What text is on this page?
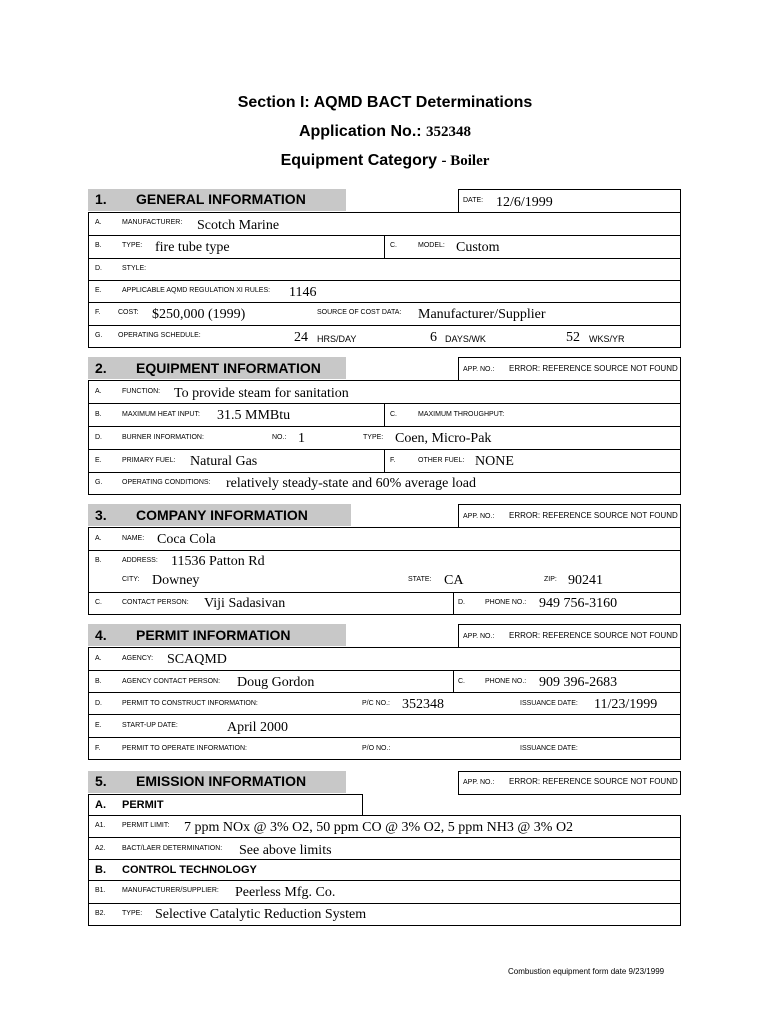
Section I: AQMD BACT Determinations
Application No.: 352348
Equipment Category - Boiler
1. GENERAL INFORMATION	DATE: 12/6/1999
A.	MANUFACTURER: Scotch Marine
B.	TYPE: fire tube type	C.	MODEL: Custom
D.	STYLE:
E.	APPLICABLE AQMD REGULATION XI RULES: 1146
F.	COST: $250,000 (1999)	SOURCE OF COST DATA: Manufacturer/Supplier
G. OPERATING SCHEDULE:	24 HRS/DAY	6 DAYS/WK	52 WKS/YR
2. EQUIPMENT INFORMATION	APP. NO.: ERROR: REFERENCE SOURCE NOT FOUND
A.	FUNCTION: To provide steam for sanitation
B.	MAXIMUM HEAT INPUT: 31.5 MMBtu	C.	MAXIMUM THROUGHPUT:
D.	BURNER INFORMATION:	NO.: 1	TYPE: Coen, Micro-Pak
E.	PRIMARY FUEL: Natural Gas	F.	OTHER FUEL: NONE
G.	OPERATING CONDITIONS: relatively steady-state and 60% average load
3. COMPANY INFORMATION	APP. NO.: ERROR: REFERENCE SOURCE NOT FOUND
A.	NAME: Coca Cola
B.	ADDRESS: 11536 Patton Rd
CITY: Downey	STATE: CA	ZIP: 90241
C.	CONTACT PERSON: Viji Sadasivan	D.	PHONE NO.: 949 756-3160
4. PERMIT INFORMATION	APP. NO.: ERROR: REFERENCE SOURCE NOT FOUND
A.	AGENCY: SCAQMD
B.	AGENCY CONTACT PERSON: Doug Gordon	C.	PHONE NO.: 909 396-2683
D.	PERMIT TO CONSTRUCT INFORMATION:	P/C NO.: 352348	ISSUANCE DATE: 11/23/1999
E.	START-UP DATE:	April 2000
F.	PERMIT TO OPERATE INFORMATION:	P/O NO.:	ISSUANCE DATE:
5. EMISSION INFORMATION	APP. NO.: ERROR: REFERENCE SOURCE NOT FOUND
A. PERMIT
A1. PERMIT LIMIT: 7 ppm NOx @ 3% O2, 50 ppm CO @ 3% O2, 5 ppm NH3 @ 3% O2
A2. BACT/LAER DETERMINATION: See above limits
B. CONTROL TECHNOLOGY
B1. MANUFACTURER/SUPPLIER: Peerless Mfg. Co.
B2. TYPE: Selective Catalytic Reduction System
Combustion equipment form date 9/23/1999
